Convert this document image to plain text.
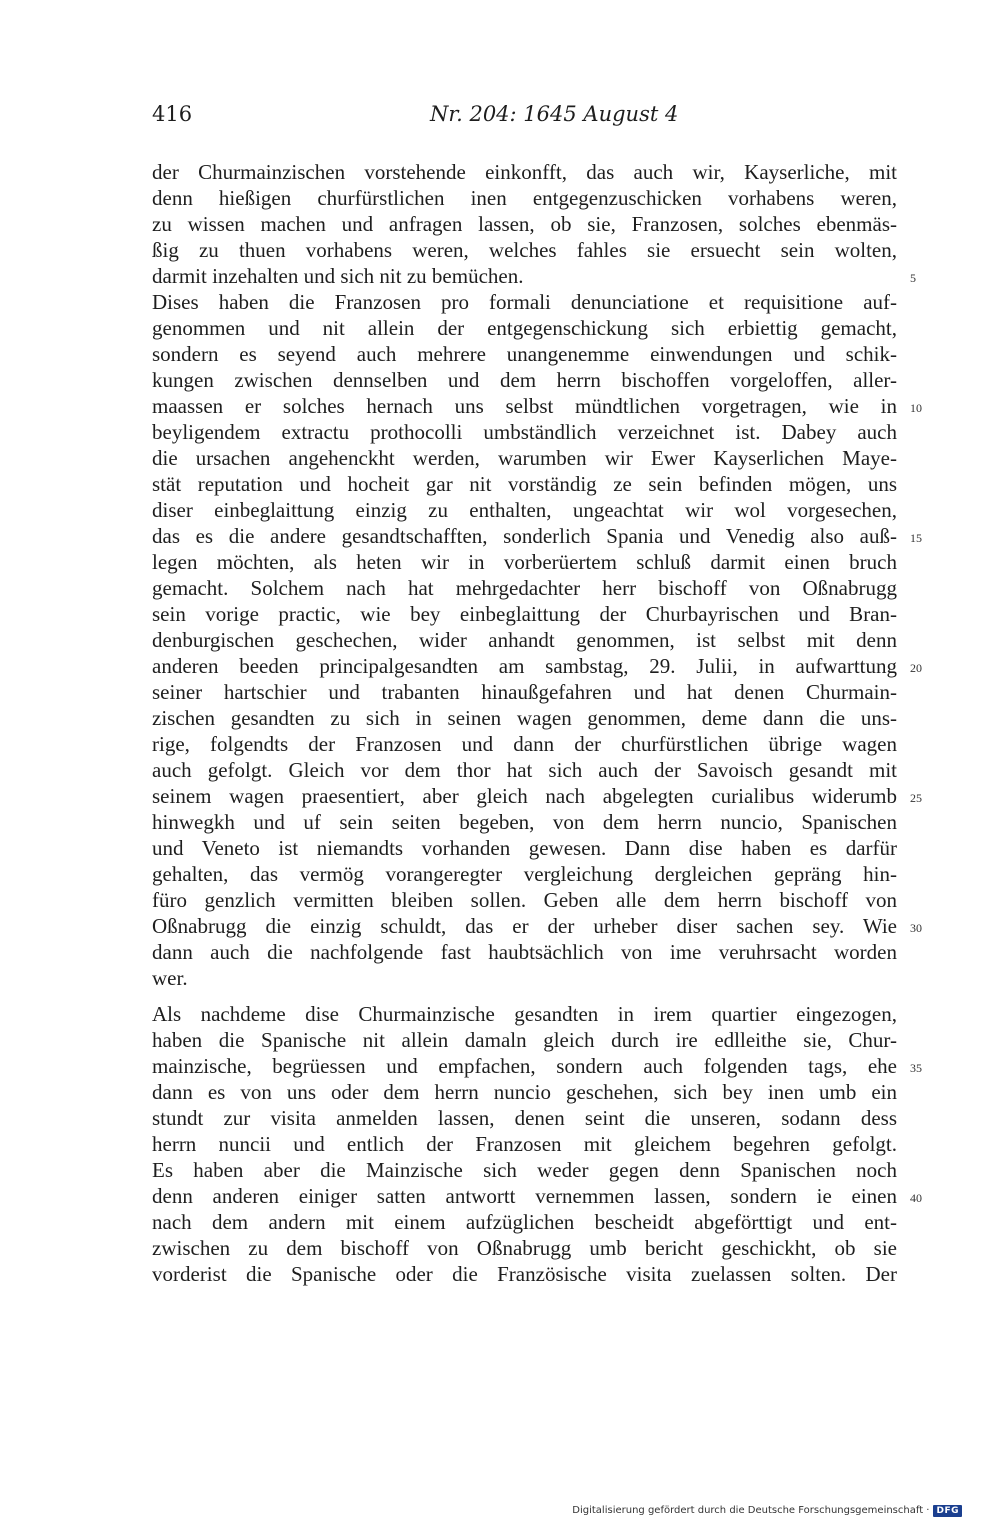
416	Nr. 204: 1645 August 4
der Churmainzischen vorstehende einkonfft, das auch wir, Kayserliche, mit
denn hießigen churfürstlichen inen entgegenzuschicken vorhabens weren,
zu wissen machen und anfragen lassen, ob sie, Franzosen, solches ebenmäs-
ßig zu thuen vorhabens weren, welches fahles sie ersuecht sein wolten,
darmit inzehalten und sich nit zu bemüchen.
Dises haben die Franzosen pro formali denunciatione et requisitione auf-
genommen und nit allein der entgegenschickung sich erbiettig gemacht,
sondern es seyend auch mehrere unangenemme einwendungen und schik-
kungen zwischen dennselben und dem herrn bischoffen vorgeloffen, aller-
maassen er solches hernach uns selbst mündtlichen vorgetragen, wie in
beyligendem extractu prothocolli umbständlich verzeichnet ist. Dabey auch
die ursachen angehenckht werden, warumben wir Ewer Kayserlichen Maye-
stät reputation und hocheit gar nit vorständig ze sein befinden mögen, uns
diser einbeglaittung einzig zu enthalten, ungeachtat wir wol vorgesechen,
das es die andere gesandtschafften, sonderlich Spania und Venedig also auß-
legen möchten, als heten wir in vorberüertem schluß darmit einen bruch
gemacht. Solchem nach hat mehrgedachter herr bischoff von Oßnabrugg
sein vorige practic, wie bey einbeglaittung der Churbayrischen und Bran-
denburgischen geschechen, wider anhandt genommen, ist selbst mit denn
anderen beeden principalgesandten am sambstag, 29. Julii, in aufwarttung
seiner hartschier und trabanten hinaußgefahren und hat denen Churmain-
zischen gesandten zu sich in seinen wagen genommen, deme dann die uns-
rige, folgendts der Franzosen und dann der churfürstlichen übrige wagen
auch gefolgt. Gleich vor dem thor hat sich auch der Savoisch gesandt mit
seinem wagen praesentiert, aber gleich nach abgelegten curialibus widerumb
hinwegkh und uf sein seiten begeben, von dem herrn nuncio, Spanischen
und Veneto ist niemandts vorhanden gewesen. Dann dise haben es darfür
gehalten, das vermög vorangeregter vergleichung dergleichen gepräng hin-
füro genzlich vermitten bleiben sollen. Geben alle dem herrn bischoff von
Oßnabrugg die einzig schuldt, das er der urheber diser sachen sey. Wie
dann auch die nachfolgende fast haubtsächlich von ime veruhrsacht worden
wer.
Als nachdeme dise Churmainzische gesandten in irem quartier eingezogen,
haben die Spanische nit allein damaln gleich durch ire edlleithe sie, Chur-
mainzische, begrüessen und empfachen, sondern auch folgenden tags, ehe
dann es von uns oder dem herrn nuncio geschehen, sich bey inen umb ein
stundt zur visita anmelden lassen, denen seint die unseren, sodann dess
herrn nuncii und entlich der Franzosen mit gleichem begehren gefolgt.
Es haben aber die Mainzische sich weder gegen denn Spanischen noch
denn anderen einiger satten antwortt vernemmen lassen, sondern ie einen
nach dem andern mit einem aufzüglichen bescheidt abgeförttigt und ent-
zwischen zu dem bischoff von Oßnabrugg umb bericht geschickht, ob sie
vorderist die Spanische oder die Französische visita zuelassen solten. Der
5
10
15
20
25
30
35
40
Digitalisierung gefördert durch die Deutsche Forschungsgemeinschaft · DFG
